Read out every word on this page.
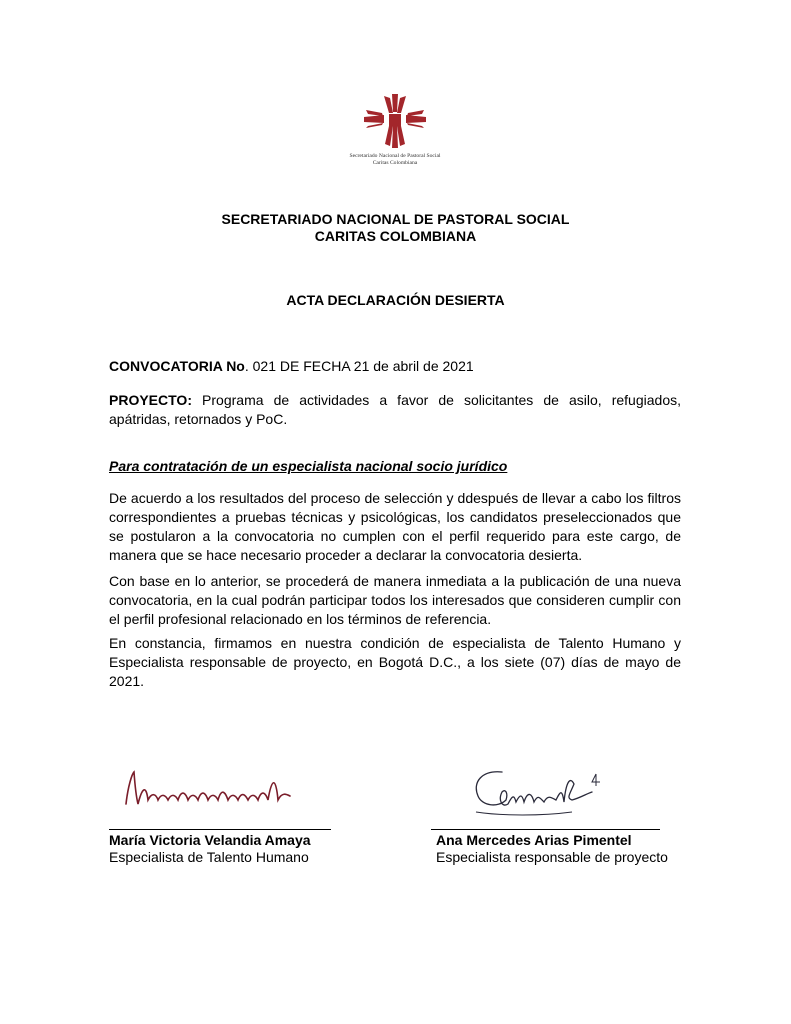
Secretariado Nacional de Pastoral Social
Caritas Colombiana
SECRETARIADO NACIONAL DE PASTORAL SOCIAL
CARITAS COLOMBIANA
ACTA DECLARACIÓN DESIERTA
CONVOCATORIA No. 021 DE FECHA 21 de abril de 2021
PROYECTO: Programa de actividades a favor de solicitantes de asilo, refugiados, apátridas, retornados y PoC.
Para contratación de un especialista nacional socio jurídico
De acuerdo a los resultados del proceso de selección y ddespués de llevar a cabo los filtros correspondientes a pruebas técnicas y psicológicas, los candidatos preseleccionados que se postularon a la convocatoria no cumplen con el perfil requerido para este cargo, de manera que se hace necesario proceder a declarar la convocatoria desierta.
Con base en lo anterior, se procederá de manera inmediata a la publicación de una nueva convocatoria, en la cual podrán participar todos los interesados que consideren cumplir con el perfil profesional relacionado en los términos de referencia.
En constancia, firmamos en nuestra condición de especialista de Talento Humano y Especialista responsable de proyecto, en Bogotá D.C., a los siete (07) días de mayo de 2021.
María Victoria Velandia Amaya
Especialista de Talento Humano
Ana Mercedes Arias Pimentel
Especialista responsable de proyecto
